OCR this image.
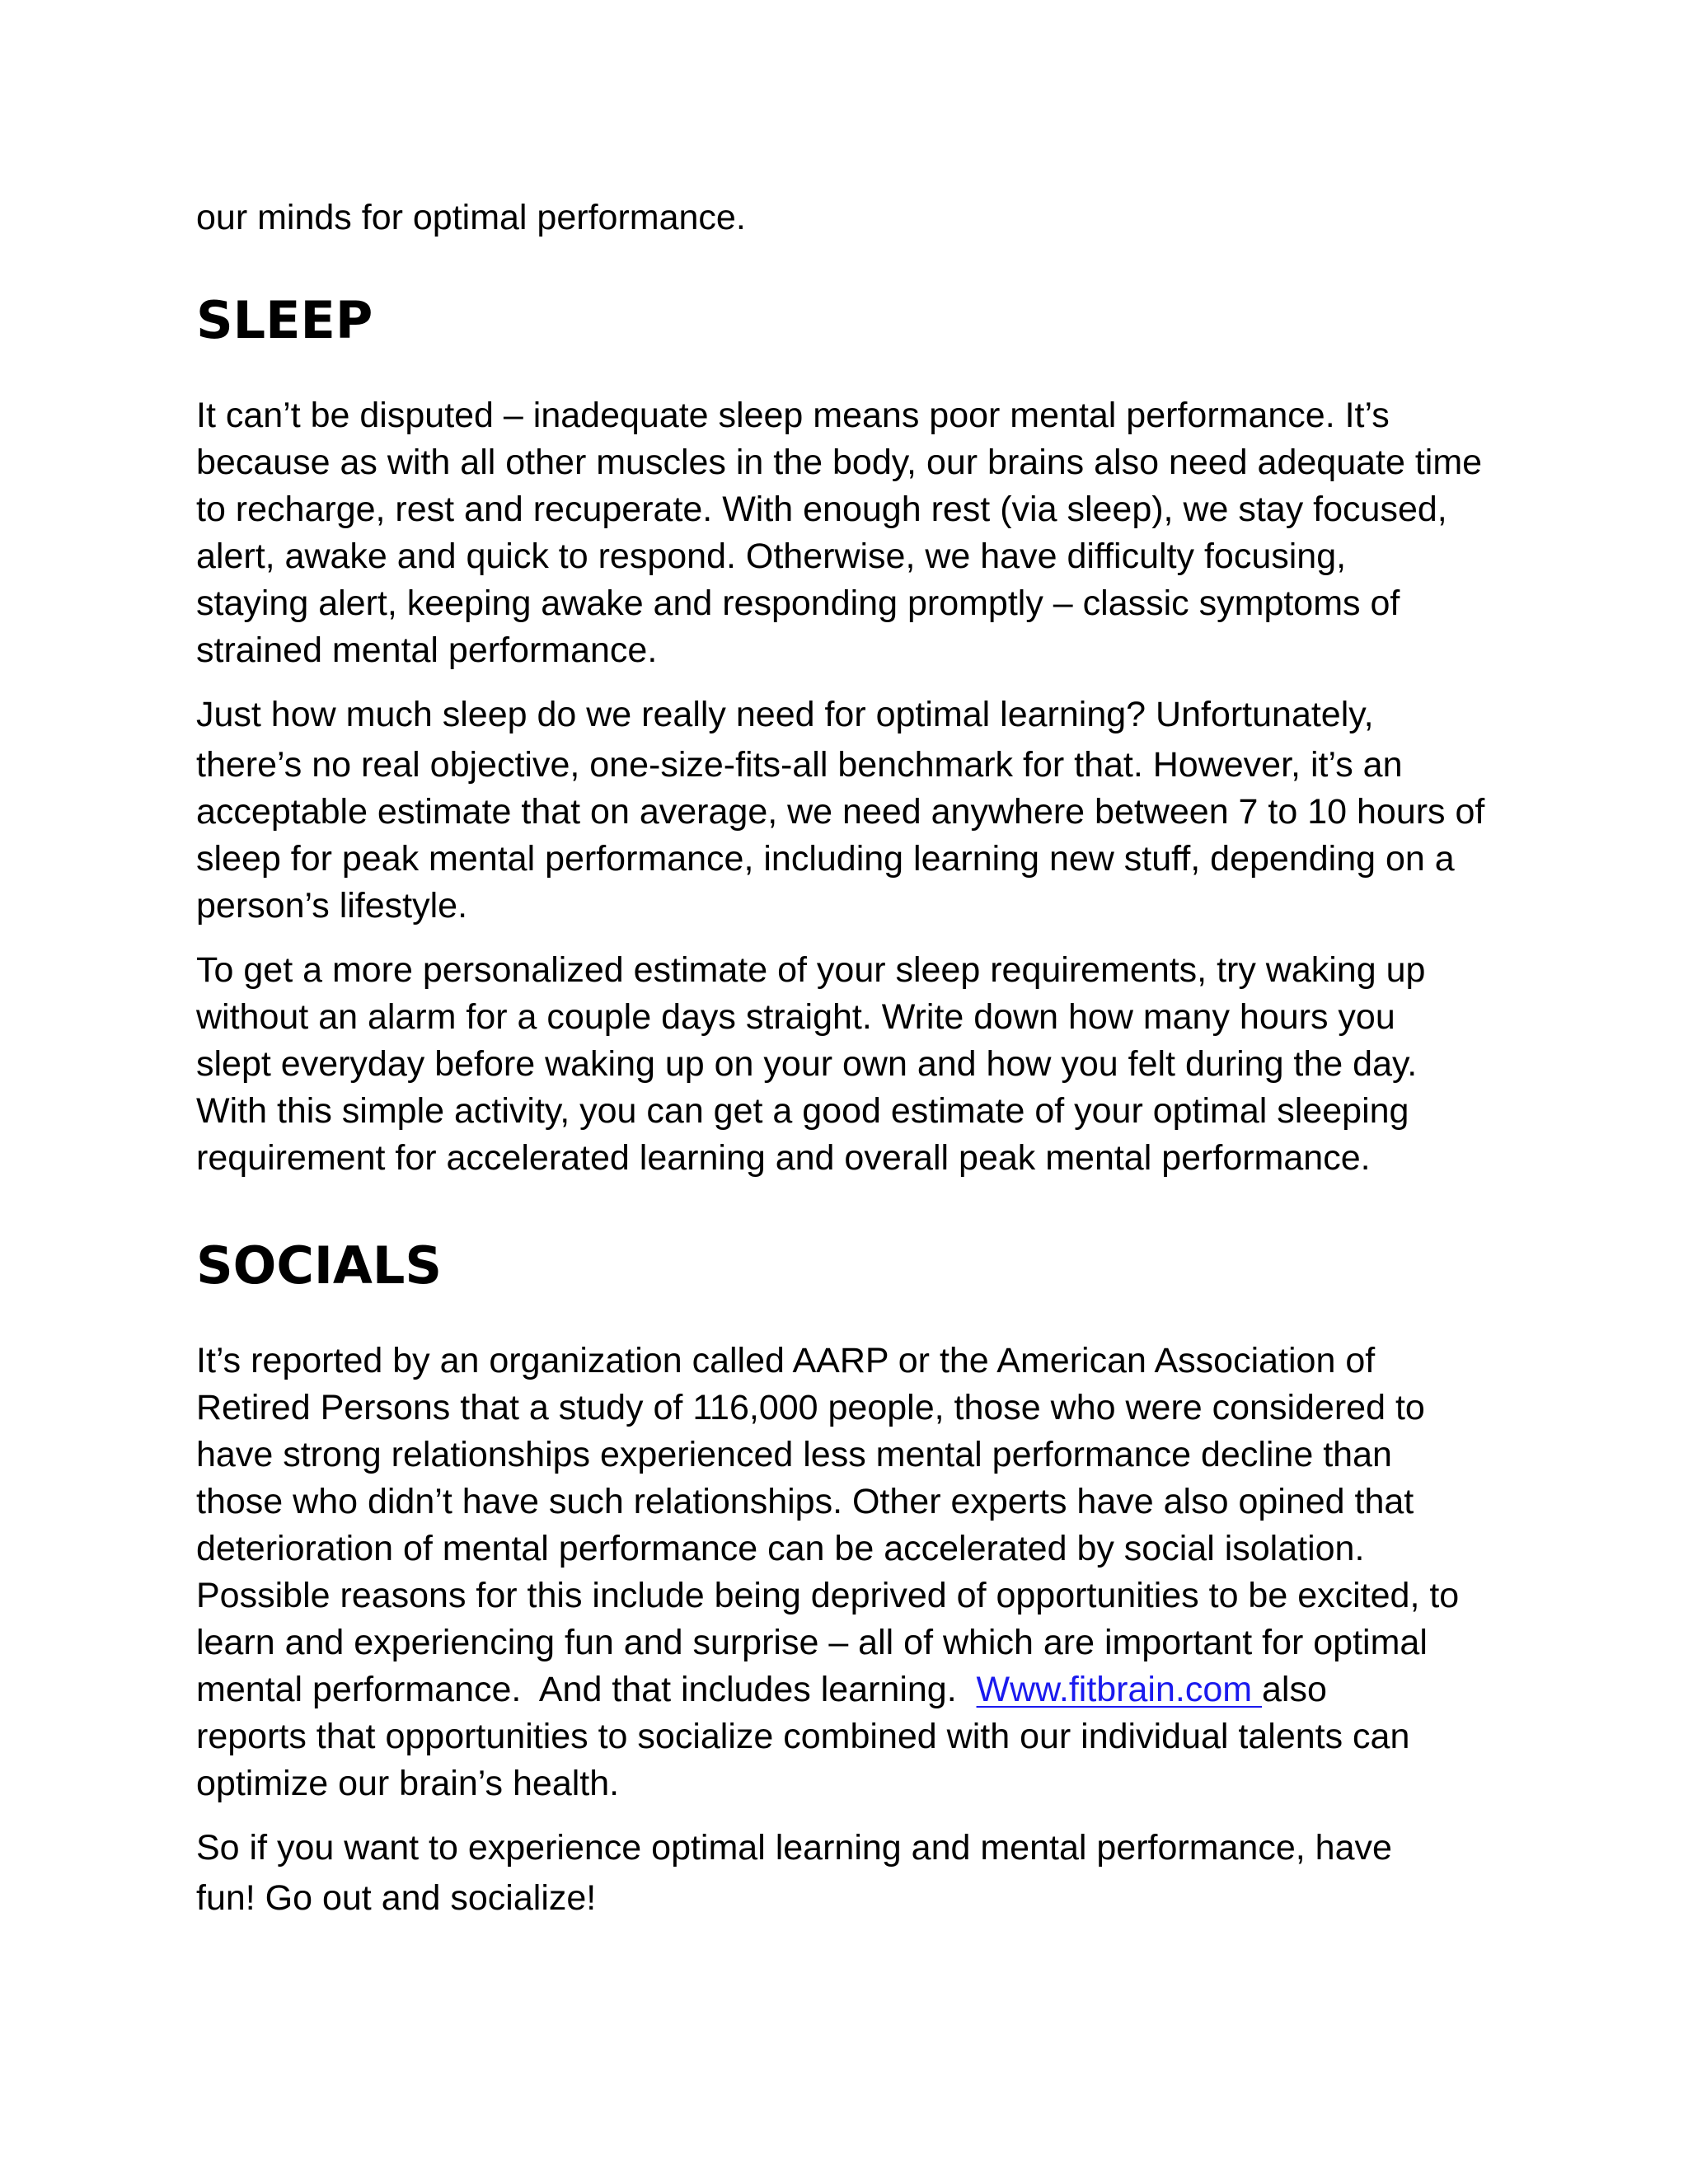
our minds for optimal performance.

SLEEP

It can’t be disputed – inadequate sleep means poor mental performance. It’s

because as with all other muscles in the body, our brains also need adequate time

to recharge, rest and recuperate. With enough rest (via sleep), we stay focused,

alert, awake and quick to respond. Otherwise, we have difficulty focusing,

staying alert, keeping awake and responding promptly – classic symptoms of

strained mental performance.

Just how much sleep do we really need for optimal learning? Unfortunately,

there’s no real objective, one-size-fits-all benchmark for that. However, it’s an

acceptable estimate that on average, we need anywhere between 7 to 10 hours of

sleep for peak mental performance, including learning new stuff, depending on a

person’s lifestyle.

To get a more personalized estimate of your sleep requirements, try waking up

without an alarm for a couple days straight. Write down how many hours you

slept everyday before waking up on your own and how you felt during the day.

With this simple activity, you can get a good estimate of your optimal sleeping

requirement for accelerated learning and overall peak mental performance.

SOCIALS

It’s reported by an organization called AARP or the American Association of

Retired Persons that a study of 116,000 people, those who were considered to

have strong relationships experienced less mental performance decline than

those who didn’t have such relationships. Other experts have also opined that

deterioration of mental performance can be accelerated by social isolation.

Possible reasons for this include being deprived of opportunities to be excited, to

learn and experiencing fun and surprise – all of which are important for optimal

mental performance.  And that includes learning.  Www.fitbrain.com also

reports that opportunities to socialize combined with our individual talents can

optimize our brain’s health.

So if you want to experience optimal learning and mental performance, have

fun! Go out and socialize!
